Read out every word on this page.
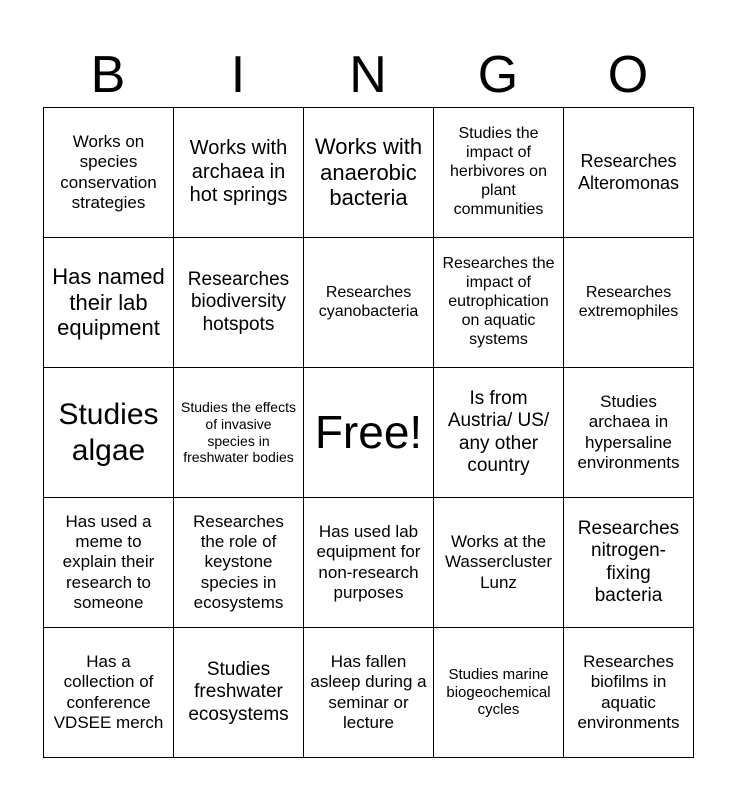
B	I	N	G	O
Works on species conservation strategies	Works with archaea in hot springs	Works with anaerobic bacteria	Studies the impact of herbivores on plant communities	Researches Alteromonas
Has named their lab equipment	Researches biodiversity hotspots	Researches cyanobacteria	Researches the impact of eutrophication on aquatic systems	Researches extremophiles
Studies algae	Studies the effects of invasive species in freshwater bodies	Free!	Is from Austria/ US/ any other country	Studies archaea in hypersaline environments
Has used a meme to explain their research to someone	Researches the role of keystone species in ecosystems	Has used lab equipment for non-research purposes	Works at the Wassercluster Lunz	Researches nitrogen-fixing bacteria
Has a collection of conference VDSEE merch	Studies freshwater ecosystems	Has fallen asleep during a seminar or lecture	Studies marine biogeochemical cycles	Researches biofilms in aquatic environments
